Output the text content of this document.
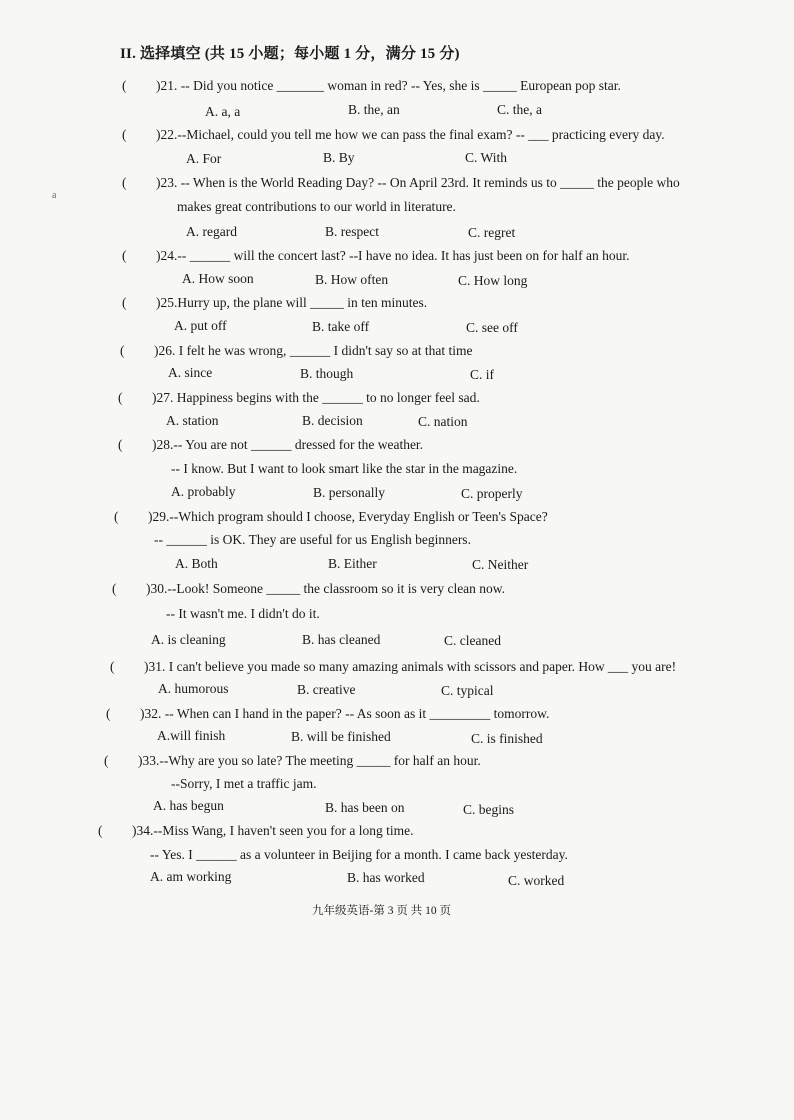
II. 选择填空 (共 15 小题；每小题 1 分，满分 15 分)
a
( )21. -- Did you notice _______ woman in red? -- Yes, she is _____ European pop star.
A. a, a	B. the, an	C. the, a
( )22.--Michael, could you tell me how we can pass the final exam? -- ___ practicing every day.
A. For	B. By	C. With
( )23. -- When is the World Reading Day? -- On April 23rd. It reminds us to _____ the people who
makes great contributions to our world in literature.
A. regard	B. respect	C. regret
( )24.-- ______ will the concert last? --I have no idea. It has just been on for half an hour.
A. How soon	B. How often	C. How long
( )25.Hurry up, the plane will _____ in ten minutes.
A. put off	B. take off	C. see off
( )26. I felt he was wrong, ______ I didn't say so at that time
A. since	B. though	C. if
( )27. Happiness begins with the ______ to no longer feel sad.
A. station	B. decision	C. nation
( )28.-- You are not ______ dressed for the weather.
-- I know. But I want to look smart like the star in the magazine.
A. probably	B. personally	C. properly
( )29.--Which program should I choose, Everyday English or Teen's Space?
-- ______ is OK. They are useful for us English beginners.
A. Both	B. Either	C. Neither
( )30.--Look! Someone _____ the classroom so it is very clean now.
-- It wasn't me. I didn't do it.
A. is cleaning	B. has cleaned	C. cleaned
( )31. I can't believe you made so many amazing animals with scissors and paper. How ___ you are!
A. humorous	B. creative	C. typical
( )32. -- When can I hand in the paper? -- As soon as it _________ tomorrow.
A.will finish	B. will be finished	C. is finished
( )33.--Why are you so late? The meeting _____ for half an hour.
--Sorry, I met a traffic jam.
A. has begun	B. has been on	C. begins
( )34.--Miss Wang, I haven't seen you for a long time.
-- Yes. I ______ as a volunteer in Beijing for a month. I came back yesterday.
A. am working	B. has worked	C. worked
九年级英语-第 3 页 共 10 页
